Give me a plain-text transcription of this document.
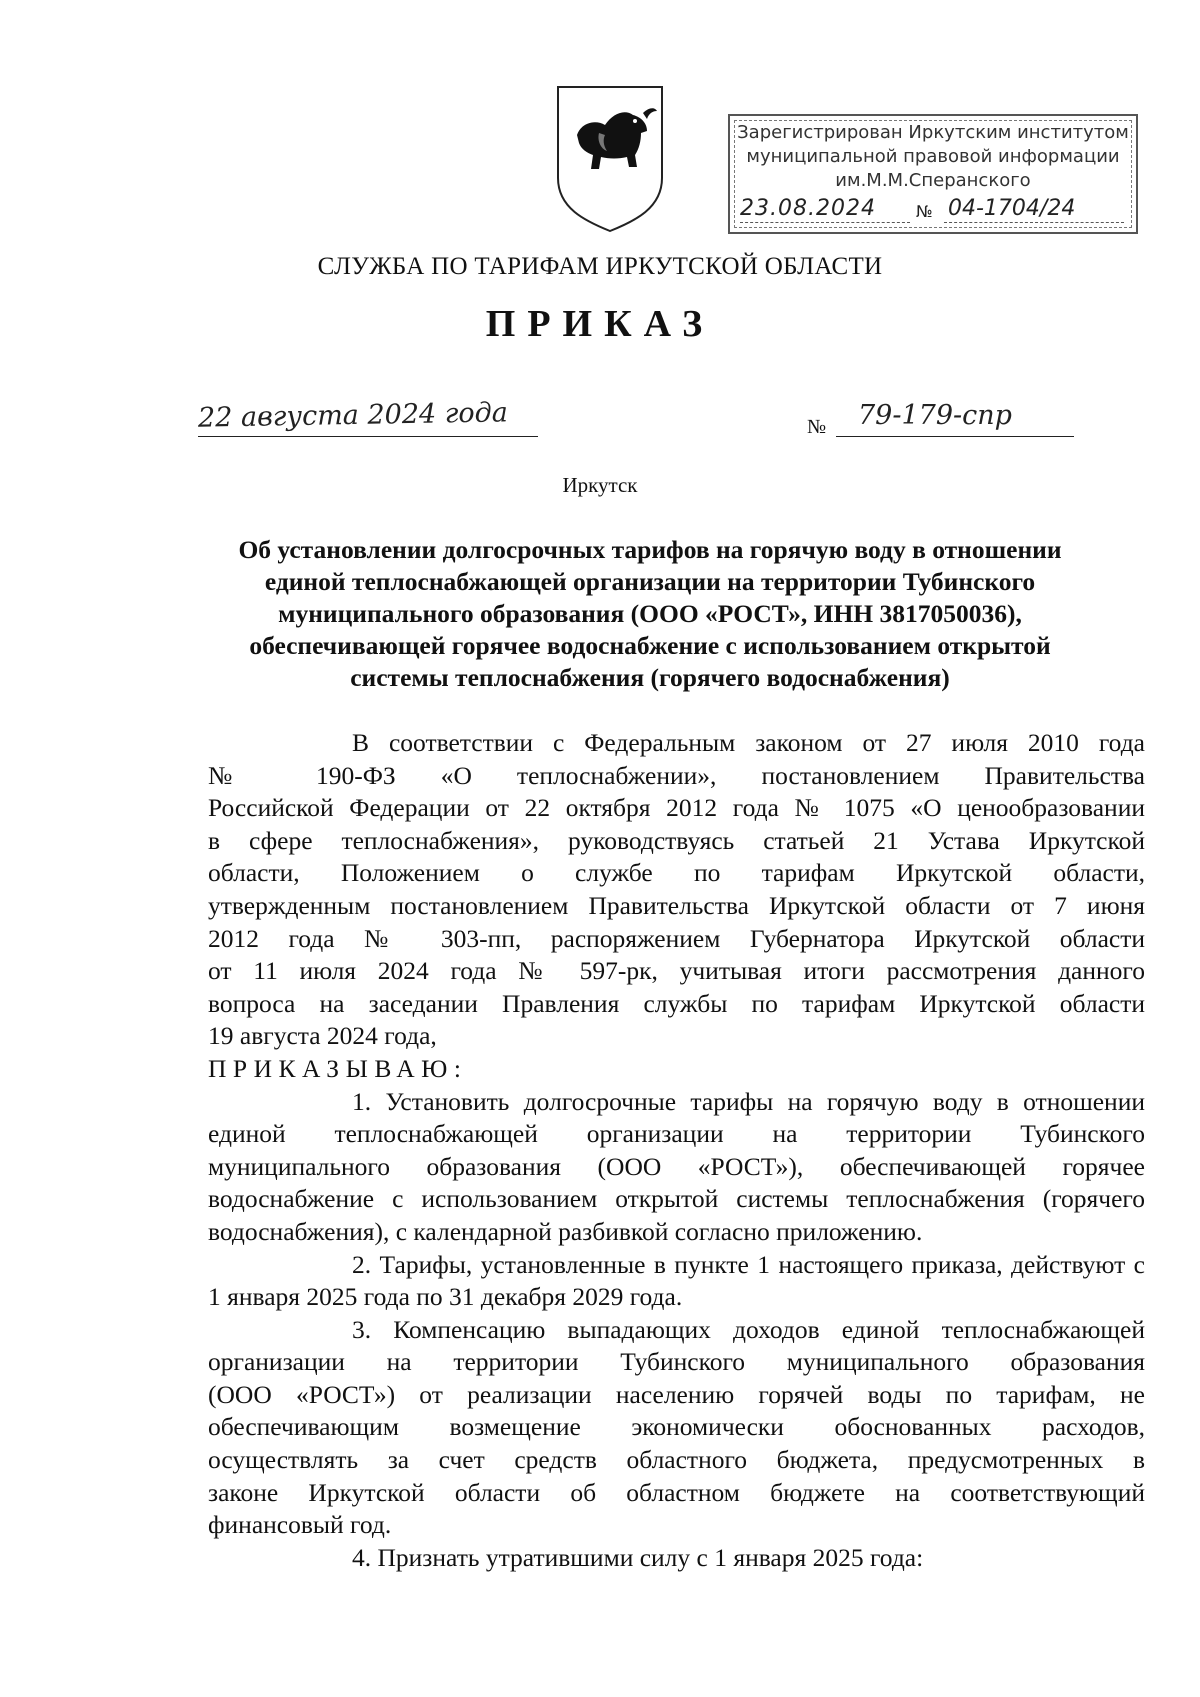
Зарегистрирован Иркутским институтом
муниципальной правовой информации
им.М.М.Сперанского
23.08.2024	№ 04-1704/24
СЛУЖБА ПО ТАРИФАМ ИРКУТСКОЙ ОБЛАСТИ
ПРИКАЗ
22 августа 2024 года	№ 79-179-спр
Иркутск
Об установлении долгосрочных тарифов на горячую воду в отношении
единой теплоснабжающей организации на территории Тубинского
муниципального образования (ООО «РОСТ», ИНН 3817050036),
обеспечивающей горячее водоснабжение с использованием открытой
системы теплоснабжения (горячего водоснабжения)
В соответствии с Федеральным законом от 27 июля 2010 года
№ 190-ФЗ «О теплоснабжении», постановлением Правительства
Российской Федерации от 22 октября 2012 года № 1075 «О ценообразовании
в сфере теплоснабжения», руководствуясь статьей 21 Устава Иркутской
области, Положением о службе по тарифам Иркутской области,
утвержденным постановлением Правительства Иркутской области от 7 июня
2012 года № 303-пп, распоряжением Губернатора Иркутской области
от 11 июля 2024 года № 597-рк, учитывая итоги рассмотрения данного
вопроса на заседании Правления службы по тарифам Иркутской области
19 августа 2024 года,
ПРИКАЗЫВАЮ:
1. Установить долгосрочные тарифы на горячую воду в отношении
единой теплоснабжающей организации на территории Тубинского
муниципального образования (ООО «РОСТ»), обеспечивающей горячее
водоснабжение с использованием открытой системы теплоснабжения (горячего
водоснабжения), с календарной разбивкой согласно приложению.
2. Тарифы, установленные в пункте 1 настоящего приказа, действуют с
1 января 2025 года по 31 декабря 2029 года.
3. Компенсацию выпадающих доходов единой теплоснабжающей
организации на территории Тубинского муниципального образования
(ООО «РОСТ») от реализации населению горячей воды по тарифам, не
обеспечивающим возмещение экономически обоснованных расходов,
осуществлять за счет средств областного бюджета, предусмотренных в
законе Иркутской области об областном бюджете на соответствующий
финансовый год.
4. Признать утратившими силу с 1 января 2025 года:
